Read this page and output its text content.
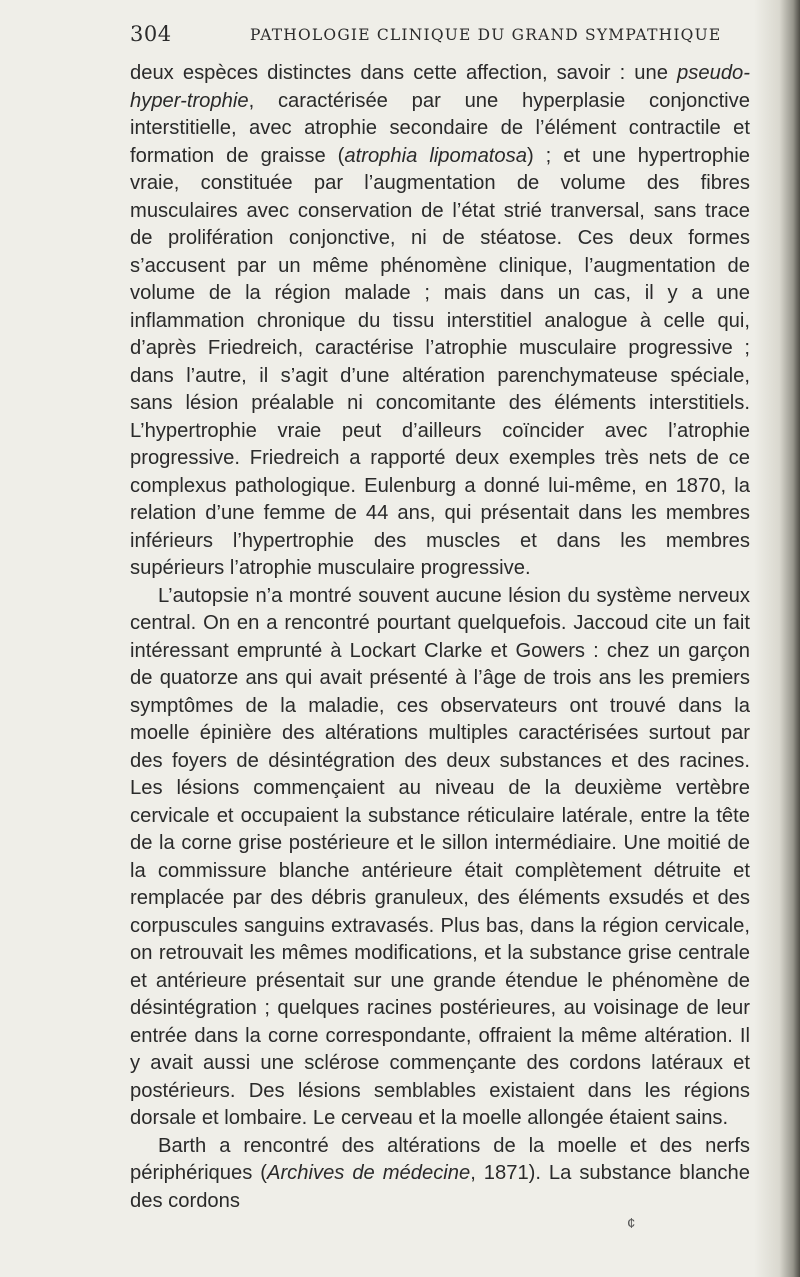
304	PATHOLOGIE CLINIQUE DU GRAND SYMPATHIQUE

deux espèces distinctes dans cette affection, savoir : une pseudo-hyper-trophie, caractérisée par une hyperplasie conjonctive interstitielle, avec atrophie secondaire de l’élément contractile et formation de graisse (atrophia lipomatosa) ; et une hypertrophie vraie, constituée par l’augmentation de volume des fibres musculaires avec conservation de l’état strié tranversal, sans trace de prolifération conjonctive, ni de stéatose. Ces deux formes s’accusent par un même phénomène clinique, l’augmentation de volume de la région malade ; mais dans un cas, il y a une inflammation chronique du tissu interstitiel analogue à celle qui, d’après Friedreich, caractérise l’atrophie musculaire progressive ; dans l’autre, il s’agit d’une altération parenchymateuse spéciale, sans lésion préalable ni concomitante des éléments interstitiels. L’hypertrophie vraie peut d’ailleurs coïncider avec l’atrophie progressive. Friedreich a rapporté deux exemples très nets de ce complexus pathologique. Eulenburg a donné lui-même, en 1870, la relation d’une femme de 44 ans, qui présentait dans les membres inférieurs l’hypertrophie des muscles et dans les membres supérieurs l’atrophie musculaire progressive.

L’autopsie n’a montré souvent aucune lésion du système nerveux central. On en a rencontré pourtant quelquefois. Jaccoud cite un fait intéressant emprunté à Lockart Clarke et Gowers : chez un garçon de quatorze ans qui avait présenté à l’âge de trois ans les premiers symptômes de la maladie, ces observateurs ont trouvé dans la moelle épinière des altérations multiples caractérisées surtout par des foyers de désintégration des deux substances et des racines. Les lésions commençaient au niveau de la deuxième vertèbre cervicale et occupaient la substance réticulaire latérale, entre la tête de la corne grise postérieure et le sillon intermédiaire. Une moitié de la commissure blanche antérieure était complètement détruite et remplacée par des débris granuleux, des éléments exsudés et des corpuscules sanguins extravasés. Plus bas, dans la région cervicale, on retrouvait les mêmes modifications, et la substance grise centrale et antérieure présentait sur une grande étendue le phénomène de désintégration ; quelques racines postérieures, au voisinage de leur entrée dans la corne correspondante, offraient la même altération. Il y avait aussi une sclérose commençante des cordons latéraux et postérieurs. Des lésions semblables existaient dans les régions dorsale et lombaire. Le cerveau et la moelle allongée étaient sains.

Barth a rencontré des altérations de la moelle et des nerfs périphériques (Archives de médecine, 1871). La substance blanche des cordons

¢
